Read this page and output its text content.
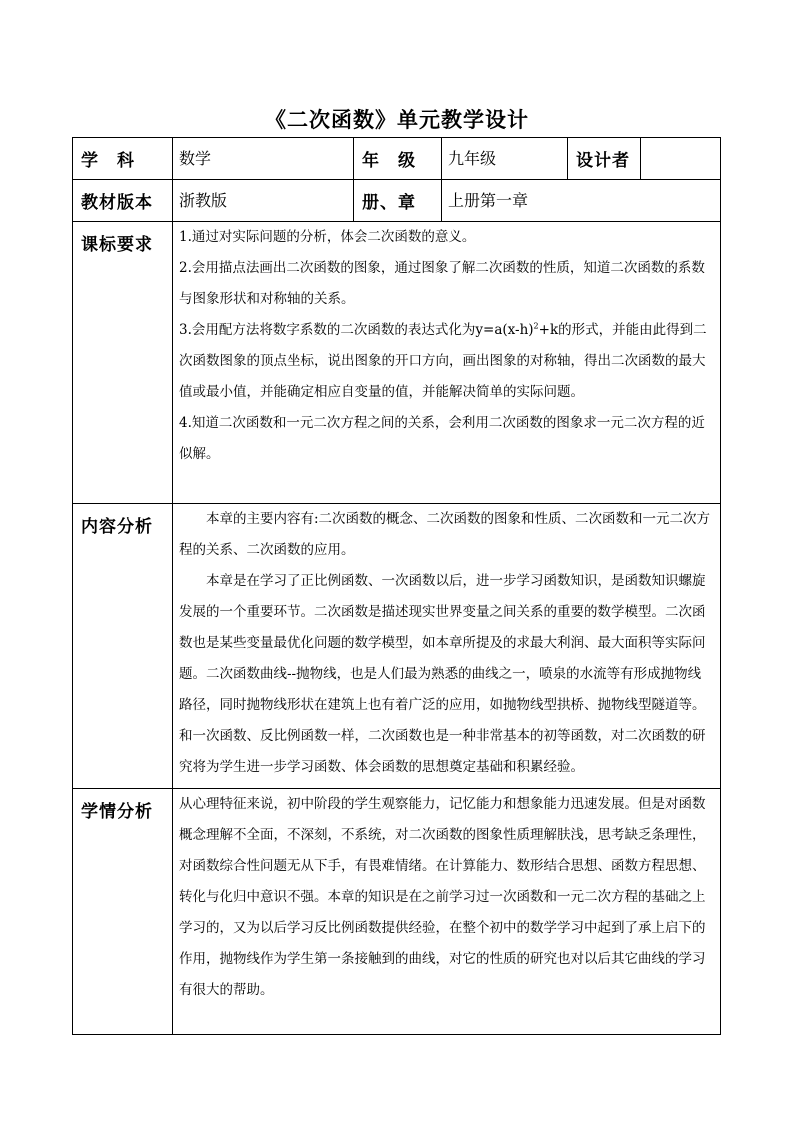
《二次函数》单元教学设计
学　科	数学	年　级	九年级	设计者	
教材版本	浙教版	册、章	上册第一章		
课标要求	1.通过对实际问题的分析，体会二次函数的意义。

2.会用描点法画出二次函数的图象，通过图象了解二次函数的性质，知道二次函数的系数与图象形状和对称轴的关系。

3.会用配方法将数字系数的二次函数的表达式化为$y=a(x-h)^2+k$的形式，并能由此得到二次函数图象的顶点坐标，说出图象的开口方向，画出图象的对称轴，得出二次函数的最大值或最小值，并能确定相应自变量的值，并能解决简单的实际问题。

4.知道二次函数和一元二次方程之间的关系，会利用二次函数的图象求一元二次方程的近似解。				

内容分析	本章的主要内容有:二次函数的概念、二次函数的图象和性质、二次函数和一元二次方程的关系、二次函数的应用。

本章是在学习了正比例函数、一次函数以后，进一步学习函数知识，是函数知识螺旋发展的一个重要环节。二次函数是描述现实世界变量之间关系的重要的数学模型。二次函数也是某些变量最优化问题的数学模型，如本章所提及的求最大利润、最大面积等实际问题。二次函数曲线--抛物线，也是人们最为熟悉的曲线之一，喷泉的水流等有形成抛物线路径，同时抛物线形状在建筑上也有着广泛的应用，如抛物线型拱桥、抛物线型隧道等。和一次函数、反比例函数一样，二次函数也是一种非常基本的初等函数，对二次函数的研究将为学生进一步学习函数、体会函数的思想奠定基础和积累经验。				

学情分析	从心理特征来说，初中阶段的学生观察能力，记忆能力和想象能力迅速发展。但是对函数概念理解不全面，不深刻，不系统，对二次函数的图象性质理解肤浅，思考缺乏条理性，对函数综合性问题无从下手，有畏难情绪。在计算能力、数形结合思想、函数方程思想、转化与化归中意识不强。本章的知识是在之前学习过一次函数和一元二次方程的基础之上学习的，又为以后学习反比例函数提供经验，在整个初中的数学学习中起到了承上启下的作用，抛物线作为学生第一条接触到的曲线，对它的性质的研究也对以后其它曲线的学习有很大的帮助。				
